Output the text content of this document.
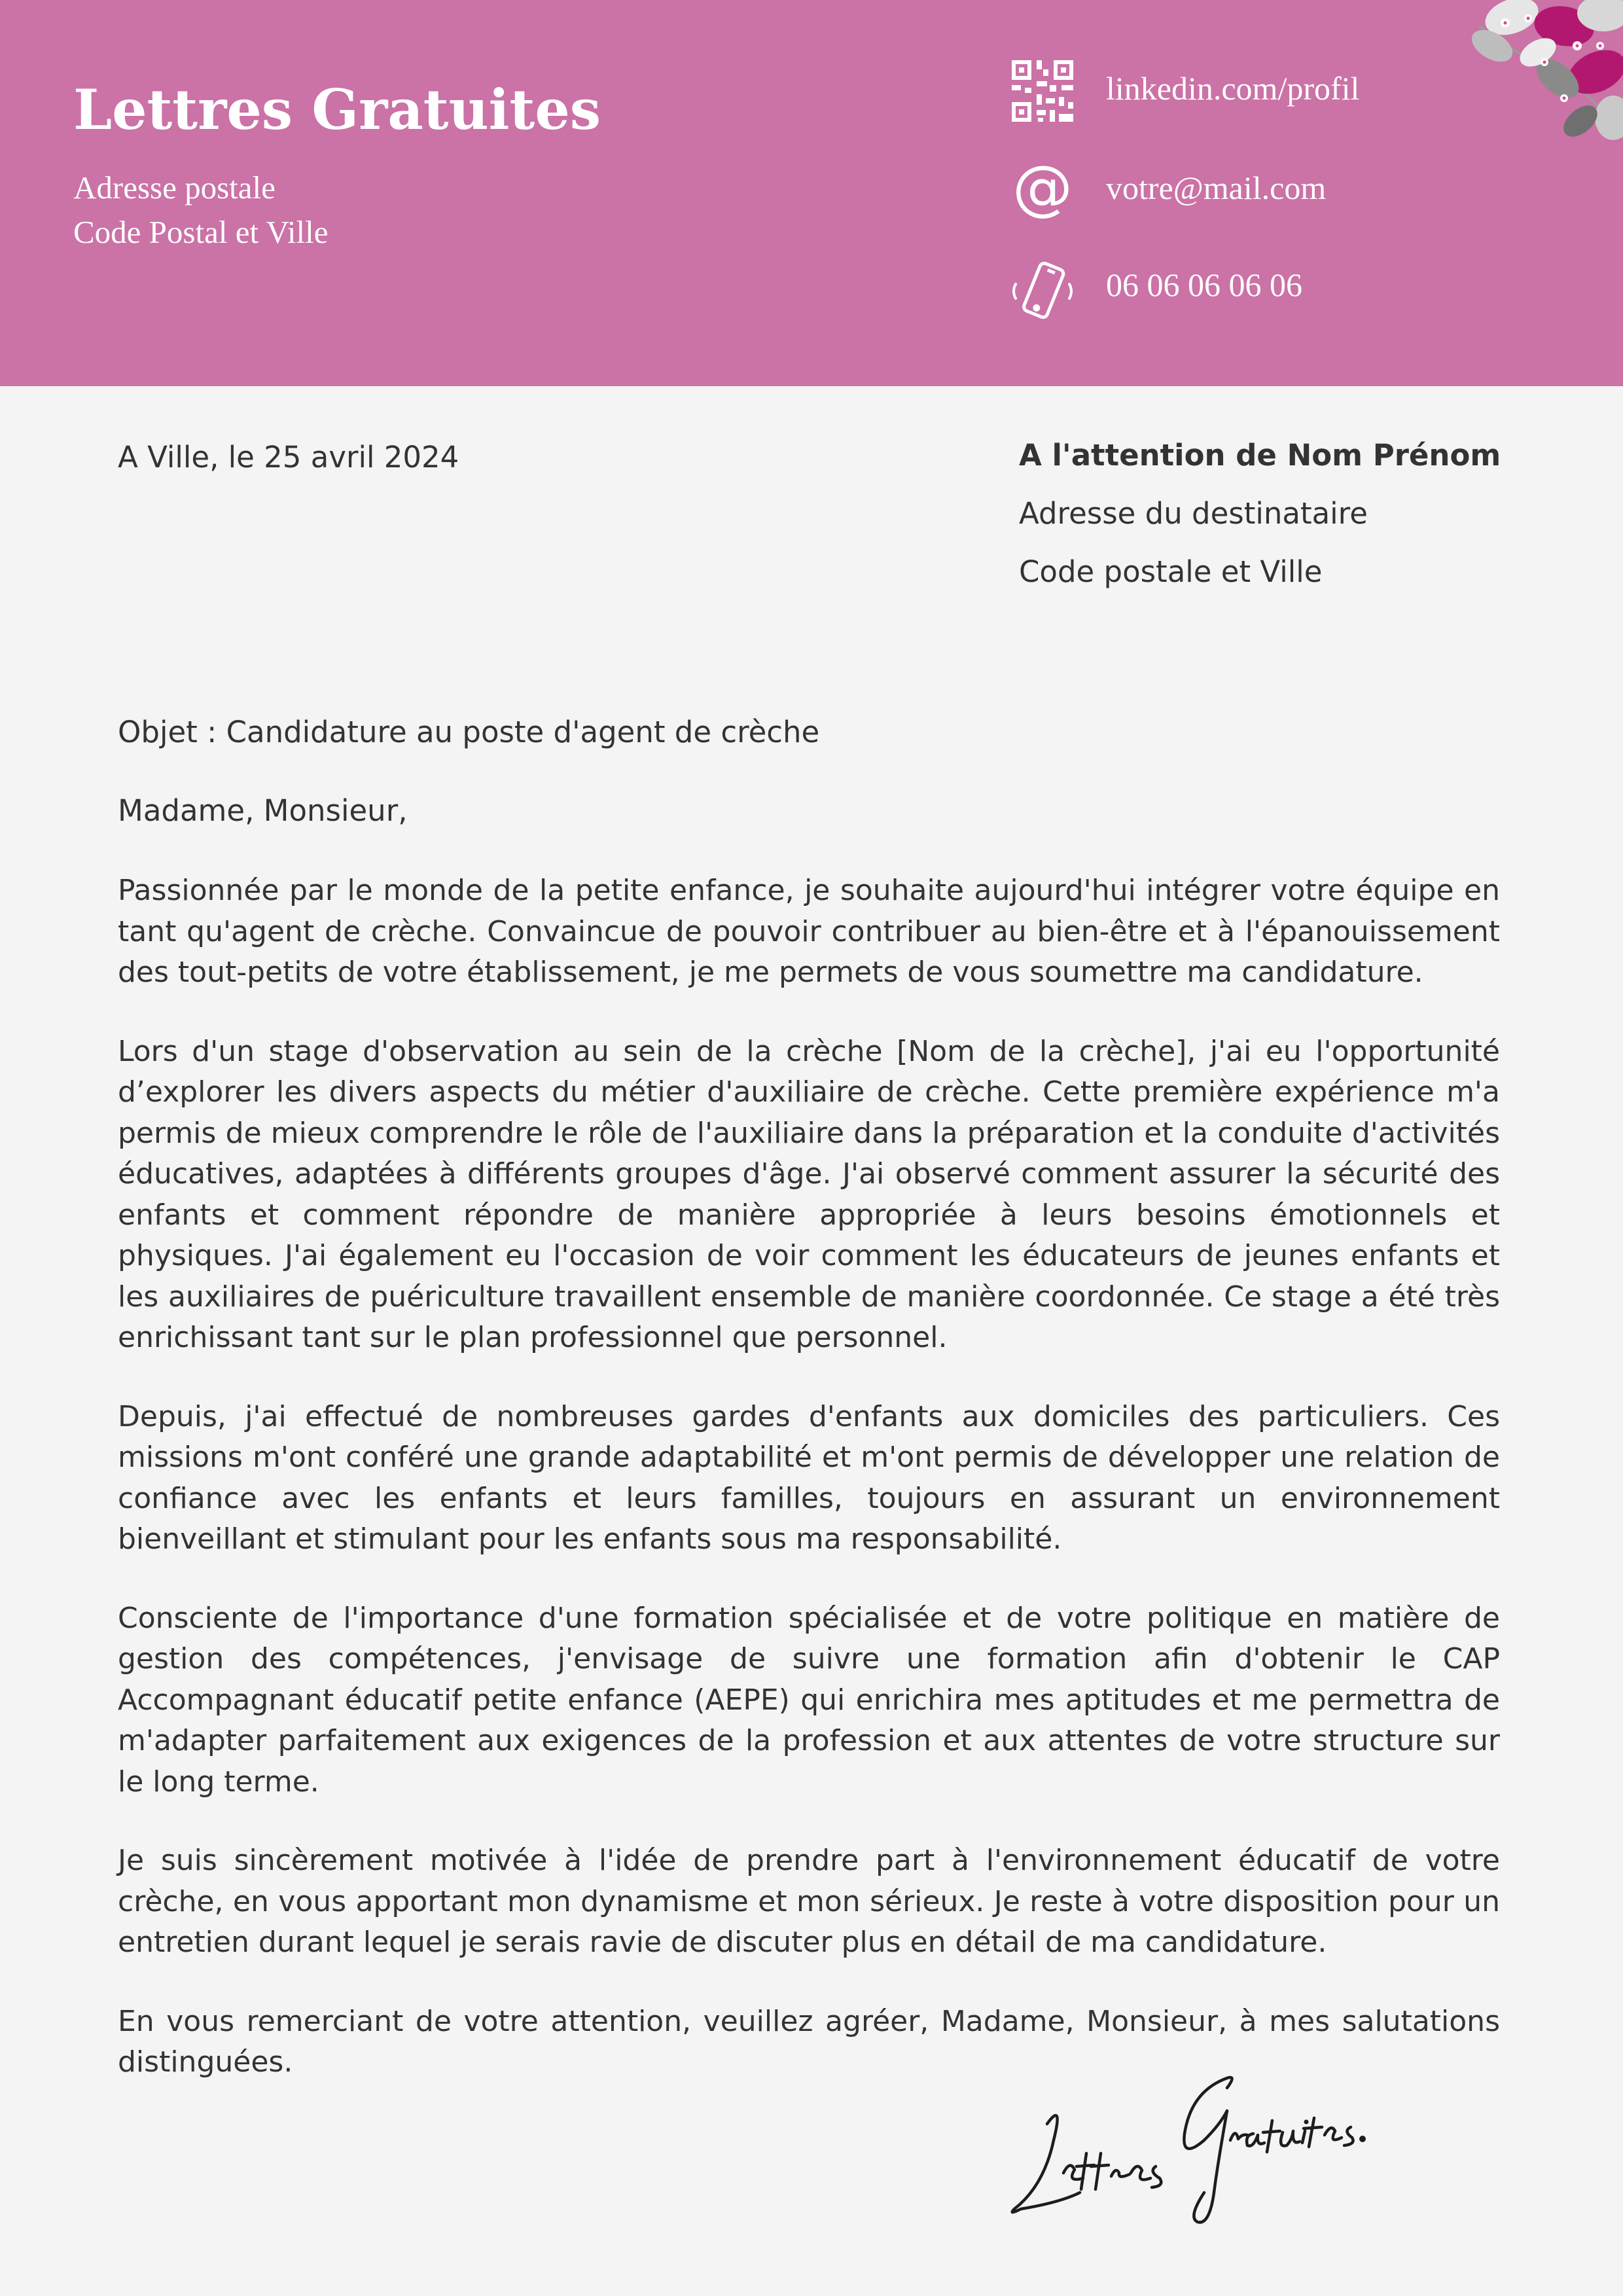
Lettres Gratuites
Adresse postale
Code Postal et Ville
linkedin.com/profil
@ votre@mail.com
06 06 06 06 06
A Ville, le 25 avril 2024	A l'attention de Nom Prénom
Adresse du destinataire
Code postale et Ville

Objet : Candidature au poste d'agent de crèche

Madame, Monsieur,

Passionnée par le monde de la petite enfance, je souhaite aujourd'hui intégrer votre équipe en tant qu'agent de crèche. Convaincue de pouvoir contribuer au bien-être et à l'épanouissement des tout-petits de votre établissement, je me permets de vous soumettre ma candidature.

Lors d'un stage d'observation au sein de la crèche [Nom de la crèche], j'ai eu l'opportunité d’explorer les divers aspects du métier d'auxiliaire de crèche. Cette première expérience m'a permis de mieux comprendre le rôle de l'auxiliaire dans la préparation et la conduite d'activités éducatives, adaptées à différents groupes d'âge. J'ai observé comment assurer la sécurité des enfants et comment répondre de manière appropriée à leurs besoins émotionnels et physiques. J'ai également eu l'occasion de voir comment les éducateurs de jeunes enfants et les auxiliaires de puériculture travaillent ensemble de manière coordonnée. Ce stage a été très enrichissant tant sur le plan professionnel que personnel.

Depuis, j'ai effectué de nombreuses gardes d'enfants aux domiciles des particuliers. Ces missions m'ont conféré une grande adaptabilité et m'ont permis de développer une relation de confiance avec les enfants et leurs familles, toujours en assurant un environnement bienveillant et stimulant pour les enfants sous ma responsabilité.

Consciente de l'importance d'une formation spécialisée et de votre politique en matière de gestion des compétences, j'envisage de suivre une formation afin d'obtenir le CAP Accompagnant éducatif petite enfance (AEPE) qui enrichira mes aptitudes et me permettra de m'adapter parfaitement aux exigences de la profession et aux attentes de votre structure sur le long terme.

Je suis sincèrement motivée à l'idée de prendre part à l'environnement éducatif de votre crèche, en vous apportant mon dynamisme et mon sérieux. Je reste à votre disposition pour un entretien durant lequel je serais ravie de discuter plus en détail de ma candidature.

En vous remerciant de votre attention, veuillez agréer, Madame, Monsieur, à mes salutations distinguées.
